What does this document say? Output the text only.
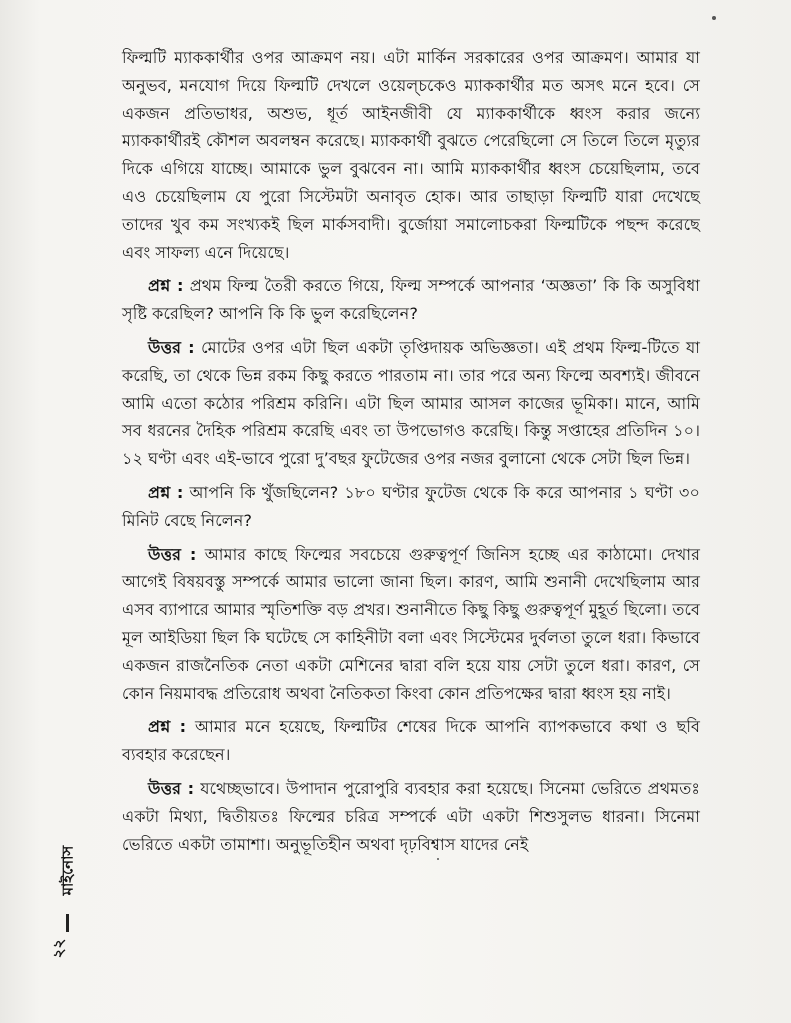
ফিল্মটি ম্যাককার্থীর ওপর আক্রমণ নয়। এটা মার্কিন সরকারের ওপর আক্রমণ। আমার যা অনুভব, মনযোগ দিয়ে ফিল্মটি দেখলে ওয়েল্চকেও ম্যাককার্থীর মত অসৎ মনে হবে। সে একজন প্রতিভাধর, অশুভ, ধূর্ত আইনজীবী যে ম্যাককার্থীকে ধ্বংস করার জন্যে ম্যাককার্থীরই কৌশল অবলম্বন করেছে। ম্যাককার্থী বুঝতে পেরেছিলো সে তিলে তিলে মৃত্যুর দিকে এগিয়ে যাচ্ছে। আমাকে ভুল বুঝবেন না। আমি ম্যাককার্থীর ধ্বংস চেয়েছিলাম, তবে এও চেয়েছিলাম যে পুরো সিস্টেমটা অনাবৃত হোক। আর তাছাড়া ফিল্মটি যারা দেখেছে তাদের খুব কম সংখ্যকই ছিল মার্কসবাদী। বুর্জোয়া সমালোচকরা ফিল্মটিকে পছন্দ করেছে এবং সাফল্য এনে দিয়েছে।

প্রশ্ন : প্রথম ফিল্ম তৈরী করতে গিয়ে, ফিল্ম সম্পর্কে আপনার ‘অজ্ঞতা’ কি কি অসুবিধা সৃষ্টি করেছিল? আপনি কি কি ভুল করেছিলেন?

উত্তর : মোটের ওপর এটা ছিল একটা তৃপ্তিদায়ক অভিজ্ঞতা। এই প্রথম ফিল্ম-টিতে যা করেছি, তা থেকে ভিন্ন রকম কিছু করতে পারতাম না। তার পরে অন্য ফিল্মে অবশ্যই। জীবনে আমি এতো কঠোর পরিশ্রম করিনি। এটা ছিল আমার আসল কাজের ভূমিকা। মানে, আমি সব ধরনের দৈহিক পরিশ্রম করেছি এবং তা উপভোগও করেছি। কিন্তু সপ্তাহের প্রতিদিন ১০।১২ ঘণ্টা এবং এই-ভাবে পুরো দু’বছর ফুটেজের ওপর নজর বুলানো থেকে সেটা ছিল ভিন্ন।

প্রশ্ন : আপনি কি খুঁজছিলেন? ১৮০ ঘণ্টার ফুটেজ থেকে কি করে আপনার ১ ঘণ্টা ৩০ মিনিট বেছে নিলেন?

উত্তর : আমার কাছে ফিল্মের সবচেয়ে গুরুত্বপূর্ণ জিনিস হচ্ছে এর কাঠামো। দেখার আগেই বিষয়বস্তু সম্পর্কে আমার ভালো জানা ছিল। কারণ, আমি শুনানী দেখেছিলাম আর এসব ব্যাপারে আমার স্মৃতিশক্তি বড় প্রখর। শুনানীতে কিছু কিছু গুরুত্বপূর্ণ মুহূর্ত ছিলো। তবে মূল আইডিয়া ছিল কি ঘটেছে সে কাহিনীটা বলা এবং সিস্টেমের দুর্বলতা তুলে ধরা। কিভাবে একজন রাজনৈতিক নেতা একটা মেশিনের দ্বারা বলি হয়ে যায় সেটা তুলে ধরা। কারণ, সে কোন নিয়মাবদ্ধ প্রতিরোধ অথবা নৈতিকতা কিংবা কোন প্রতিপক্ষের দ্বারা ধ্বংস হয় নাই।

প্রশ্ন : আমার মনে হয়েছে, ফিল্মটির শেষের দিকে আপনি ব্যাপকভাবে কথা ও ছবি ব্যবহার করেছেন।

উত্তর : যথেচ্ছভাবে। উপাদান পুরোপুরি ব্যবহার করা হয়েছে। সিনেমা ভেরিতে প্রথমতঃ একটা মিথ্যা, দ্বিতীয়তঃ ফিল্মের চরিত্র সম্পর্কে এটা একটা শিশুসুলভ ধারনা। সিনেমা ভেরিতে একটা তামাশা। অনুভূতিহীন অথবা দৃঢ়বিশ্বাস যাদের নেই

মাইনোস
২২
